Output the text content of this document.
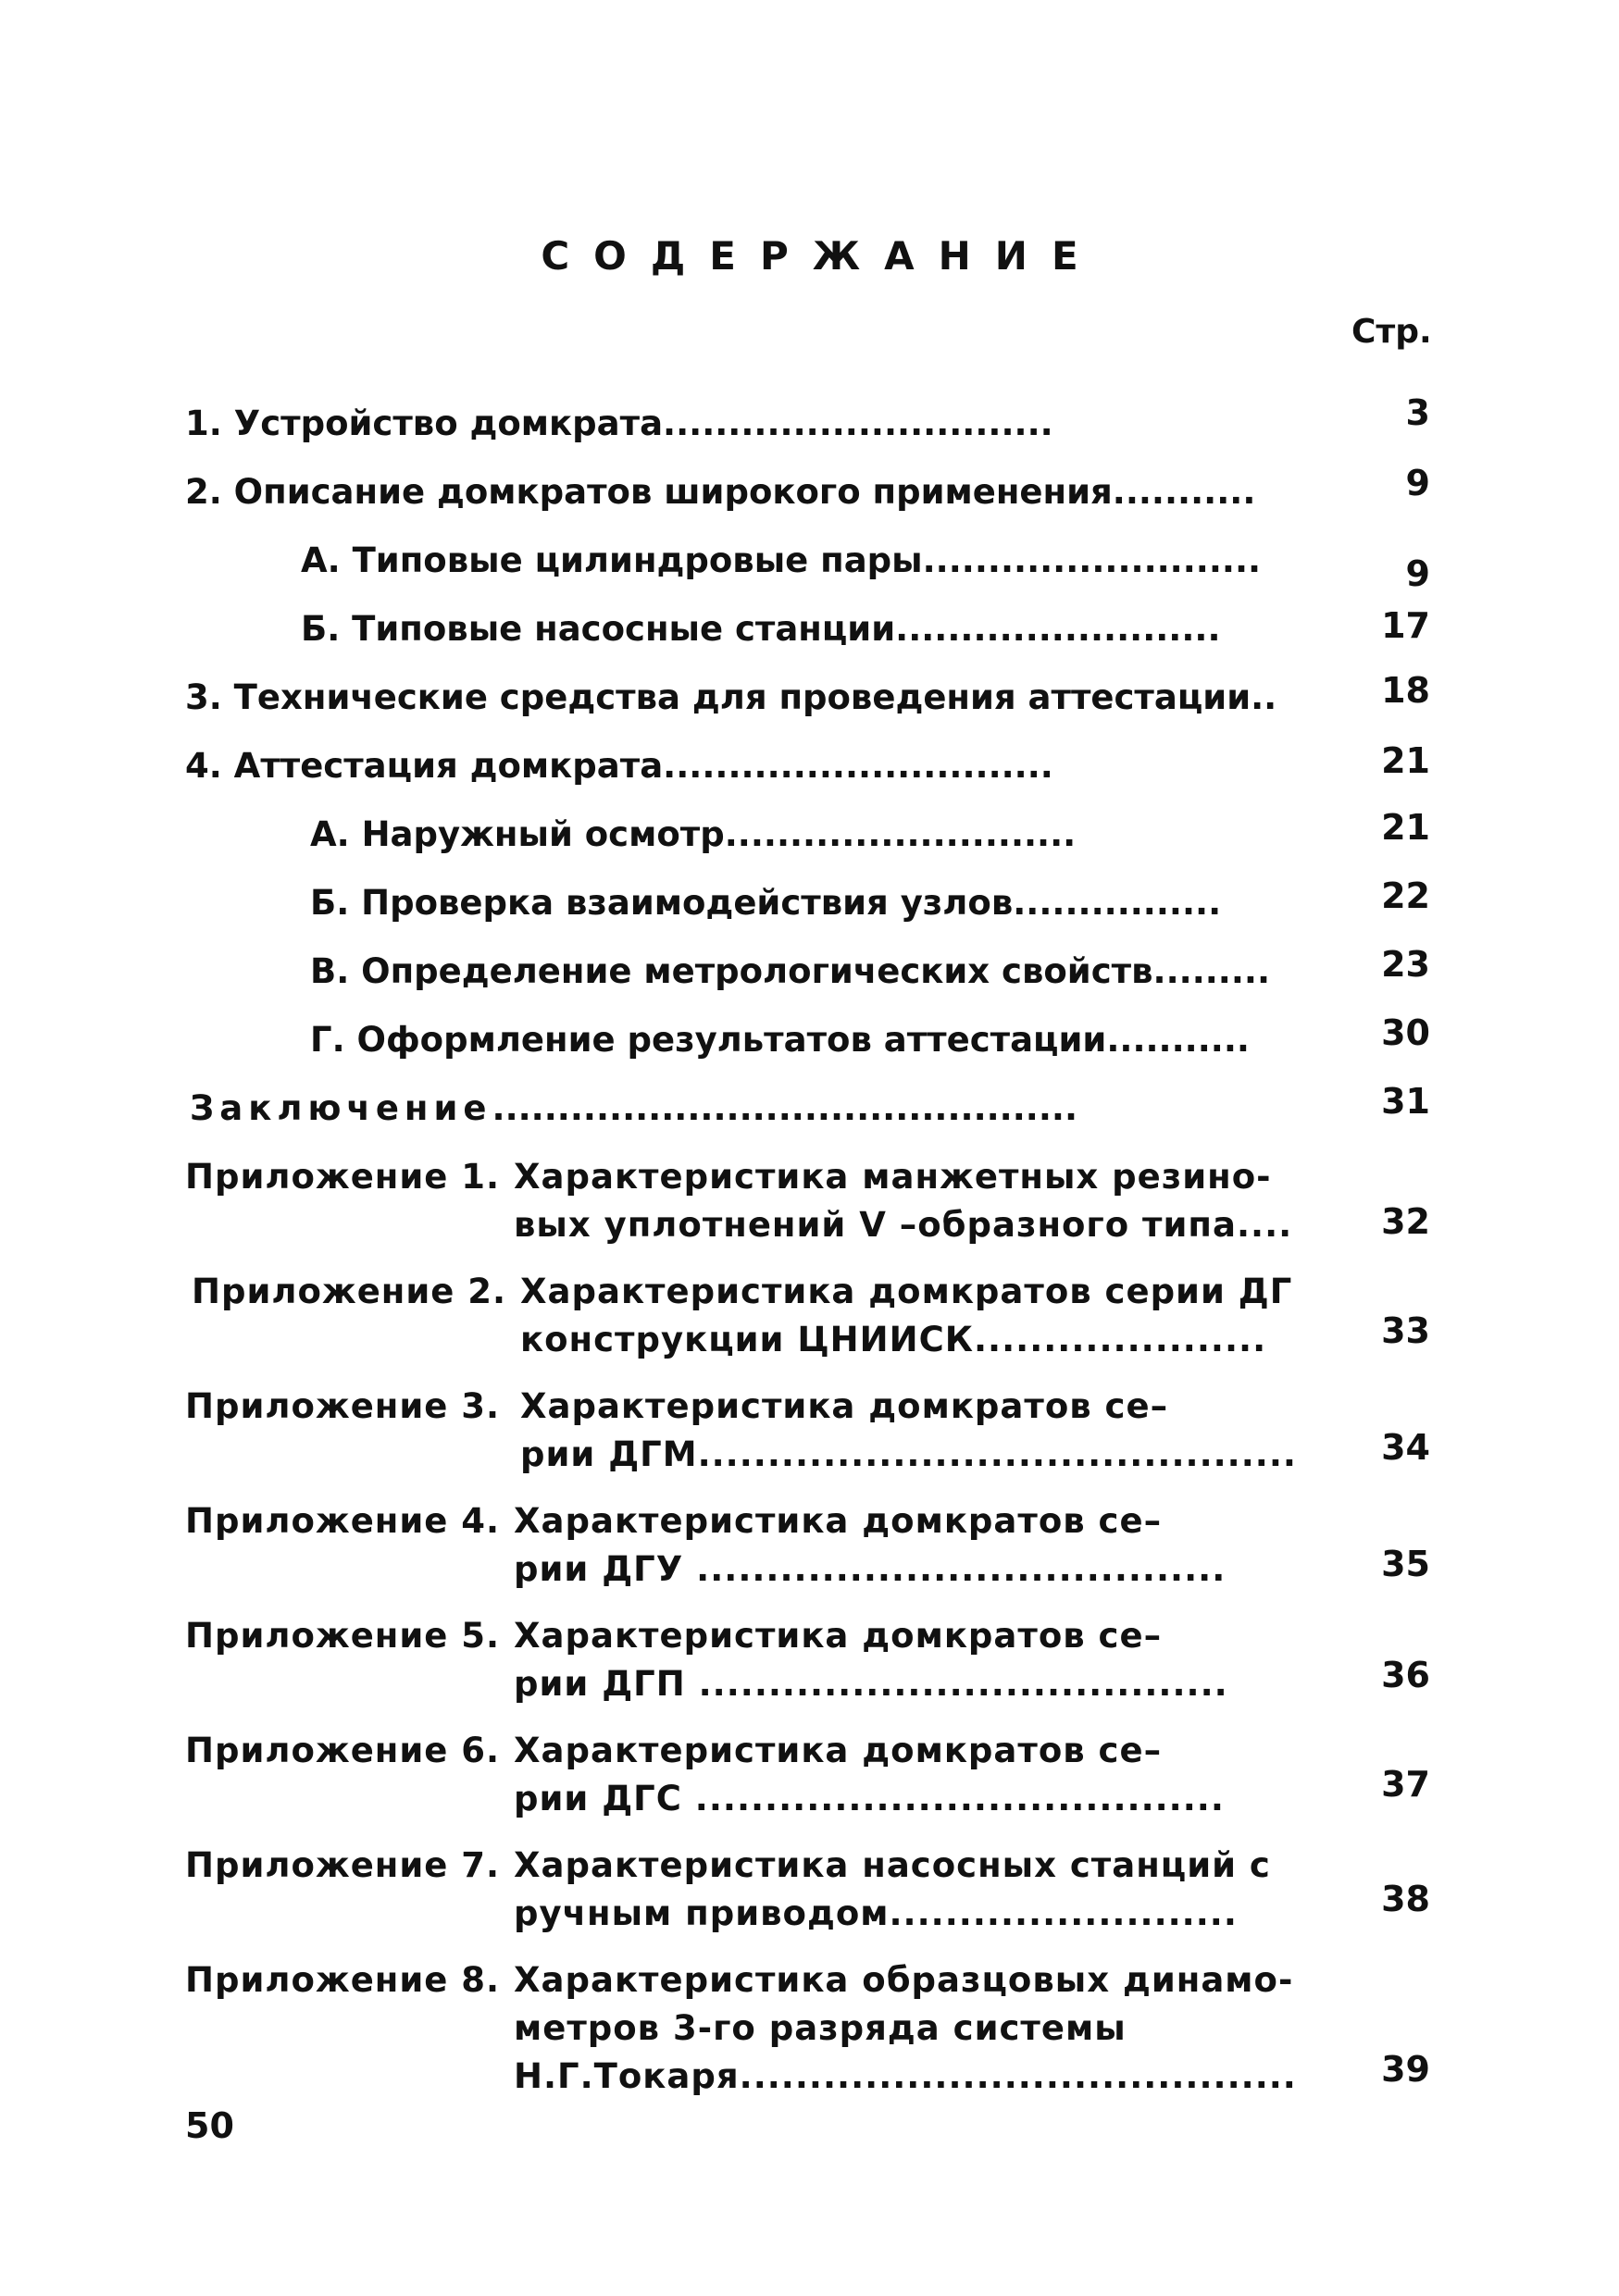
СОДЕРЖАНИЕ
Стр.
1. Устройство домкрата..............................	3
2. Описание домкратов широкого применения...........	9
А. Типовые цилиндровые пары..........................	9
Б. Типовые насосные станции.........................	17
3. Технические средства для проведения аттестации..	18
4. Аттестация домкрата..............................	21
А. Наружный осмотр...........................	21
Б. Проверка взаимодействия узлов................	22
В. Определение метрологических свойств.........	23
Г. Оформление результатов аттестации...........	30
Заключение.............................................	31
Приложение 1. Характеристика манжетных резино-
вых уплотнений V –образного типа....	32
Приложение 2. Характеристика домкратов серии ДГ
конструкции ЦНИИСК.....................	33
Приложение 3. Характеристика домкратов се–
рии ДГМ...........................................	34
Приложение 4. Характеристика домкратов се–
рии ДГУ ......................................	35
Приложение 5. Характеристика домкратов се–
рии ДГП ......................................	36
Приложение 6. Характеристика домкратов се–
рии ДГС ......................................	37
Приложение 7. Характеристика насосных станций с
ручным приводом.........................	38
Приложение 8. Характеристика образцовых динамо-
метров 3-го разряда системы
Н.Г.Токаря........................................	39
50
